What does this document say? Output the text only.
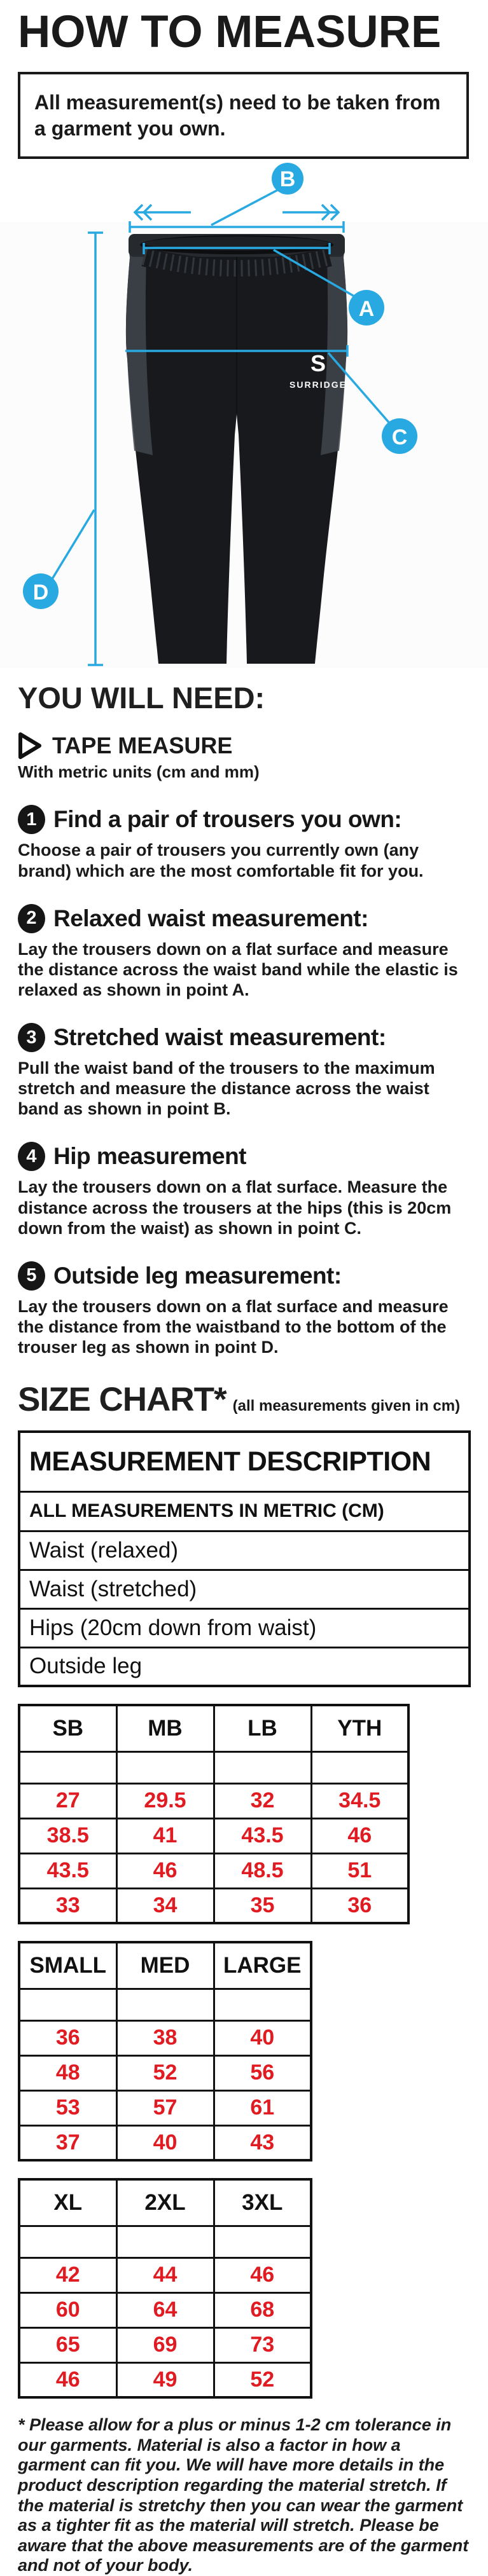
HOW TO MEASURE
All measurement(s) need to be taken from a garment you own.
S
SURRIDGE
B
A
C
D
YOU WILL NEED:
TAPE MEASURE
With metric units (cm and mm)
1 Find a pair of trousers you own:
Choose a pair of trousers you currently own (any brand) which are the most comfortable fit for you.
2 Relaxed waist measurement:
Lay the trousers down on a flat surface and measure the distance across the waist band while the elastic is relaxed as shown in point A.
3 Stretched waist measurement:
Pull the waist band of the trousers to the maximum stretch and measure the distance across the waist band as shown in point B.
4 Hip measurement
Lay the trousers down on a flat surface. Measure the distance across the trousers at the hips (this is 20cm down from the waist) as shown in point C.
5 Outside leg measurement:
Lay the trousers down on a flat surface and measure the distance from the waistband to the bottom of the trouser leg as shown in point D.
SIZE CHART* (all measurements given in cm)
MEASUREMENT DESCRIPTION
ALL MEASUREMENTS IN METRIC (CM)
Waist (relaxed)
Waist (stretched)
Hips (20cm down from waist)
Outside leg
SB	MB	LB	YTH

27	29.5	32	34.5
38.5	41	43.5	46
43.5	46	48.5	51
33	34	35	36
SMALL	MED	LARGE

36	38	40
48	52	56
53	57	61
37	40	43
XL	2XL	3XL

42	44	46
60	64	68
65	69	73
46	49	52
* Please allow for a plus or minus 1-2 cm tolerance in our garments. Material is also a factor in how a garment can fit you. We will have more details in the product description regarding the material stretch. If the material is stretchy then you can wear the garment as a tighter fit as the material will stretch. Please be aware that the above measurements are of the garment and not of your body.
